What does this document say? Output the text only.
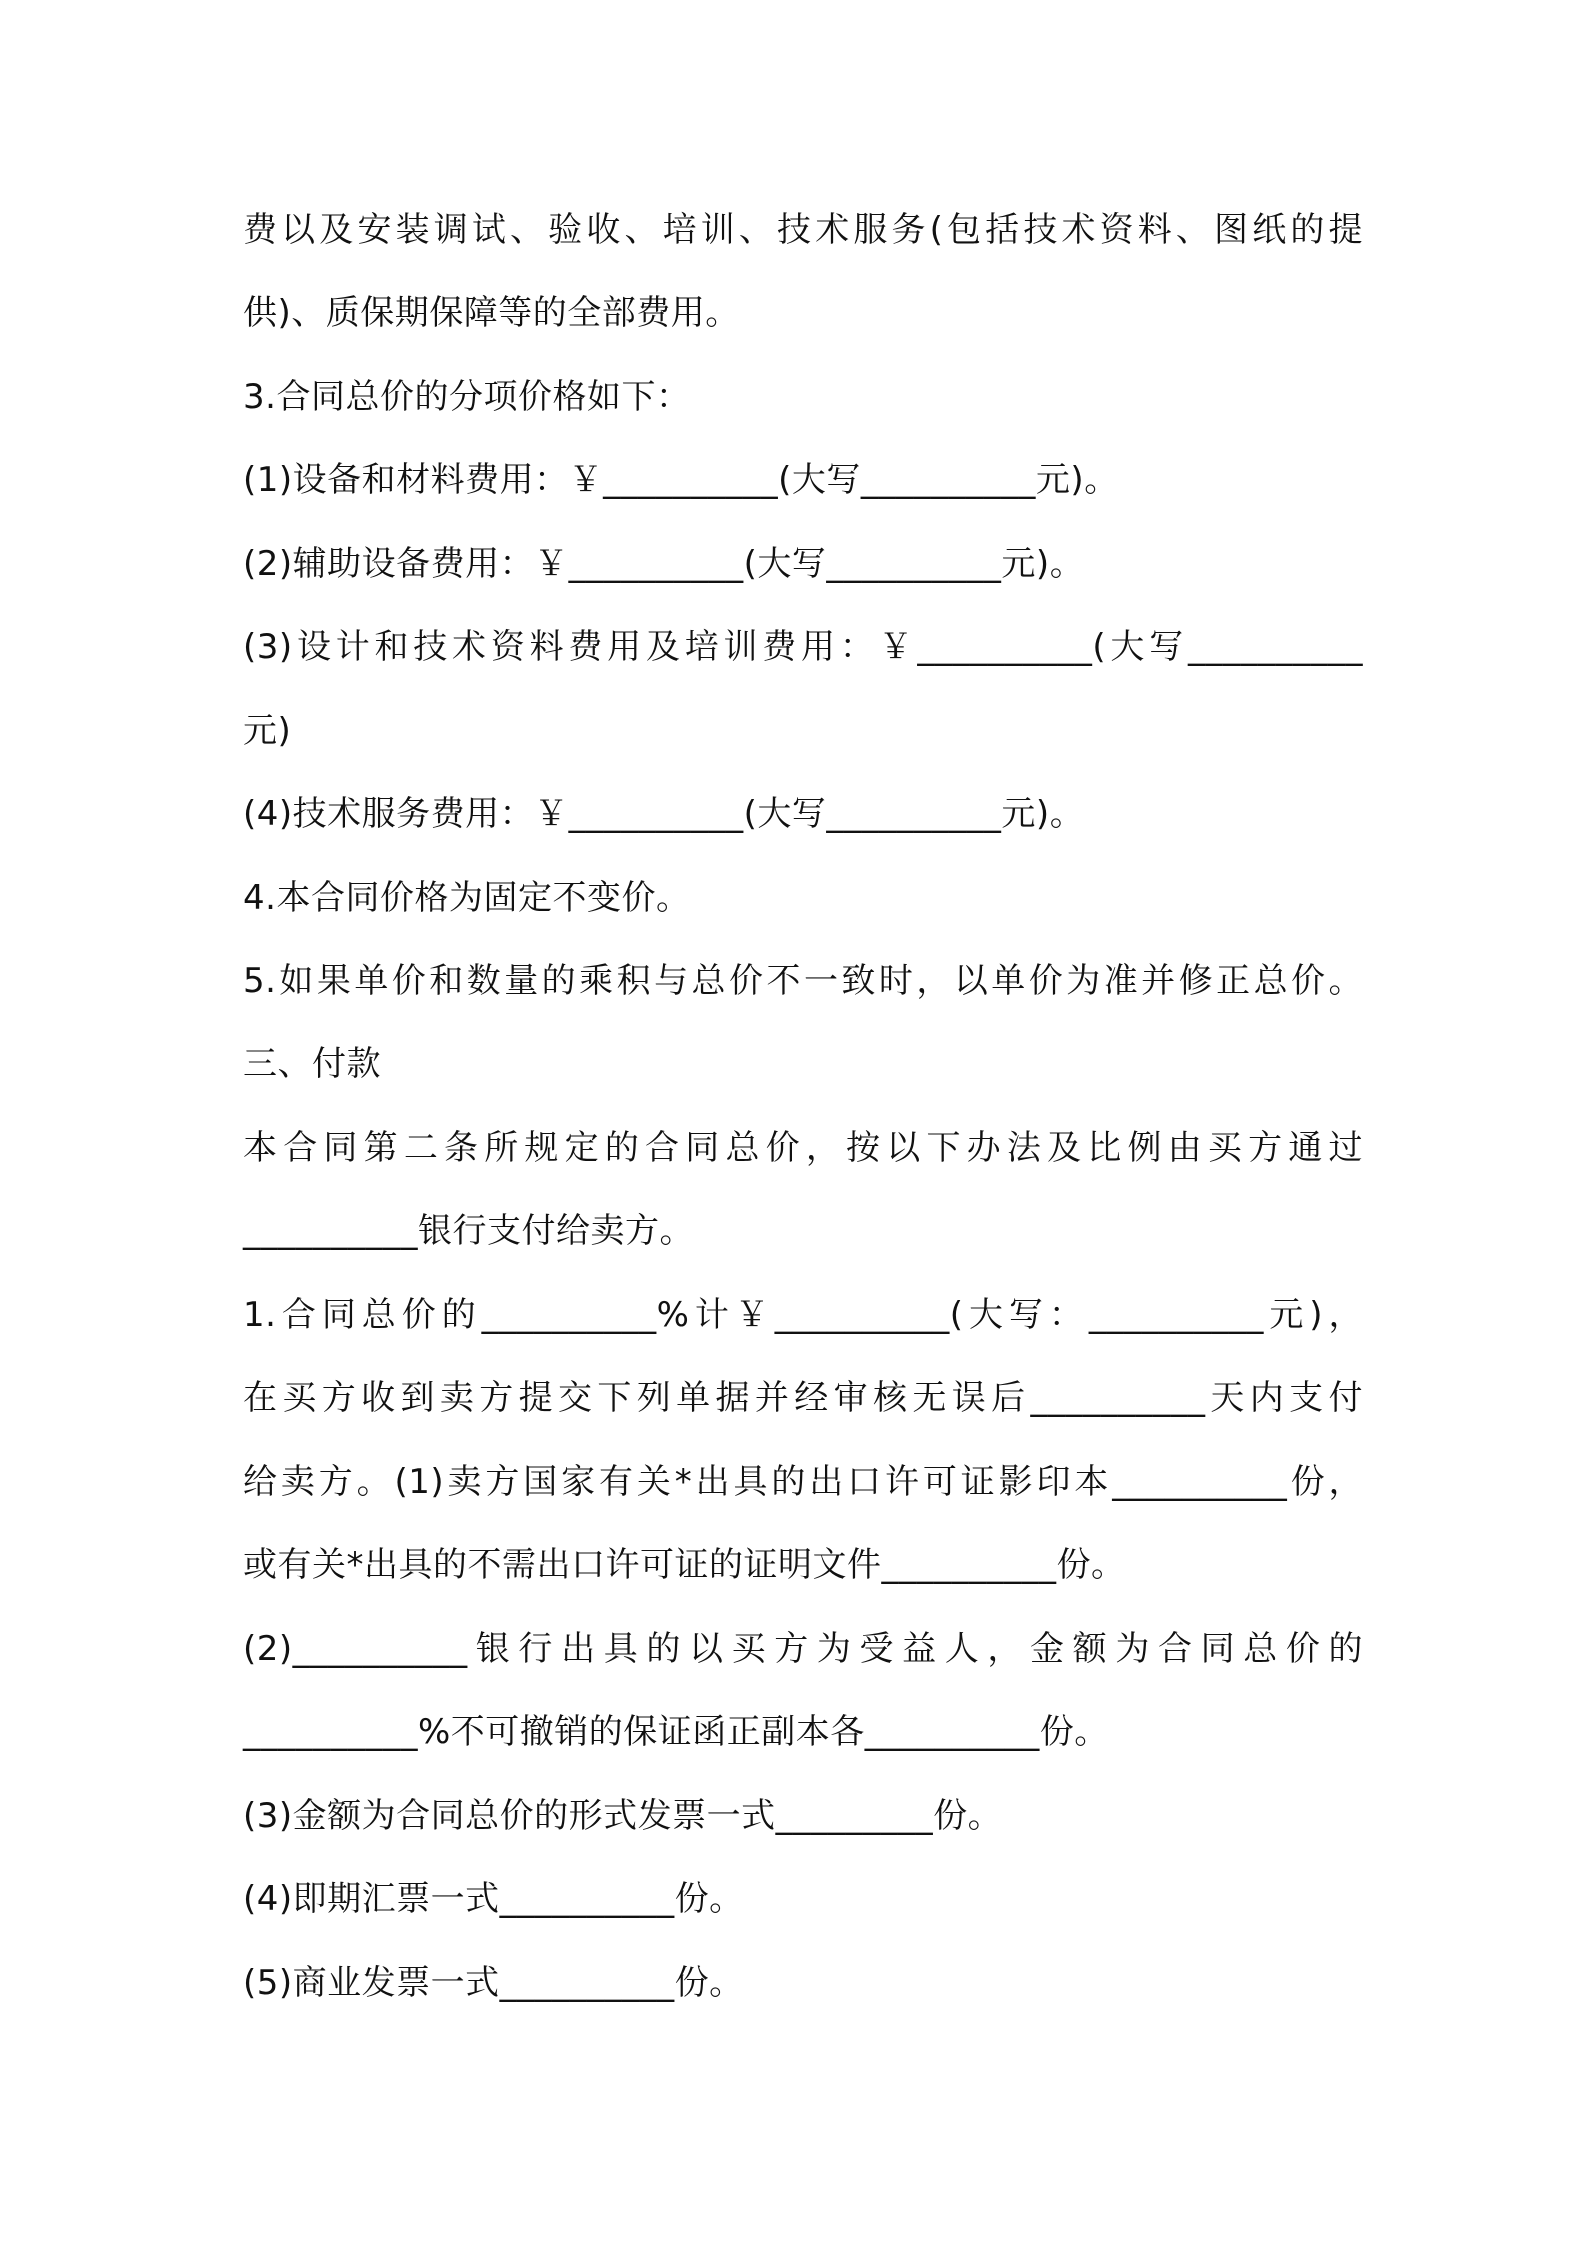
费以及安装调试、验收、培训、技术服务(包括技术资料、图纸的提
供)、质保期保障等的全部费用。
3.合同总价的分项价格如下：
(1)设备和材料费用：￥__________(大写__________元)。
(2)辅助设备费用：￥__________(大写__________元)。
(3)设计和技术资料费用及培训费用：￥__________(大写__________
元)
(4)技术服务费用：￥__________(大写__________元)。
4.本合同价格为固定不变价。
5.如果单价和数量的乘积与总价不一致时，以单价为准并修正总价。
三、付款
本合同第二条所规定的合同总价，按以下办法及比例由买方通过
__________银行支付给卖方。
1.合同总价的__________%计￥__________(大写：__________元)，
在买方收到卖方提交下列单据并经审核无误后__________天内支付
给卖方。(1)卖方国家有关*出具的出口许可证影印本__________份，
或有关*出具的不需出口许可证的证明文件__________份。
(2)__________银行出具的以买方为受益人，金额为合同总价的
__________%不可撤销的保证函正副本各__________份。
(3)金额为合同总价的形式发票一式_________份。
(4)即期汇票一式__________份。
(5)商业发票一式__________份。
